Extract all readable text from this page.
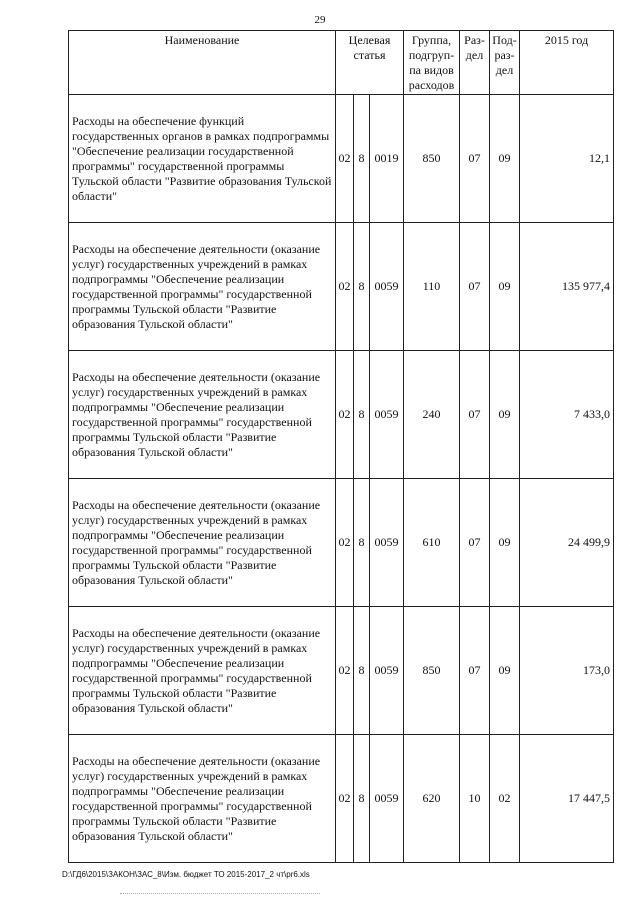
29
Наименование	Целевая статья			Группа, подгруп-па видов расходов	Раз-дел	Под-раз-дел	2015 год
Расходы на обеспечение функций государственных органов в рамках подпрограммы "Обеспечение реализации государственной программы" государственной программы Тульской области "Развитие образования Тульской области"	02	8	0019	850	07	09	12,1
Расходы на обеспечение деятельности (оказание услуг) государственных учреждений в рамках подпрограммы "Обеспечение реализации государственной программы" государственной программы Тульской области "Развитие образования Тульской области"	02	8	0059	110	07	09	135 977,4
Расходы на обеспечение деятельности (оказание услуг) государственных учреждений в рамках подпрограммы "Обеспечение реализации государственной программы" государственной программы Тульской области "Развитие образования Тульской области"	02	8	0059	240	07	09	7 433,0
Расходы на обеспечение деятельности (оказание услуг) государственных учреждений в рамках подпрограммы "Обеспечение реализации государственной программы" государственной программы Тульской области "Развитие образования Тульской области"	02	8	0059	610	07	09	24 499,9
Расходы на обеспечение деятельности (оказание услуг) государственных учреждений в рамках подпрограммы "Обеспечение реализации государственной программы" государственной программы Тульской области "Развитие образования Тульской области"	02	8	0059	850	07	09	173,0
Расходы на обеспечение деятельности (оказание услуг) государственных учреждений в рамках подпрограммы "Обеспечение реализации государственной программы" государственной программы Тульской области "Развитие образования Тульской области"	02	8	0059	620	10	02	17 447,5
D:\ГД6\2015\ЗАКОН\ЗАС_8\Изм. бюджет ТО 2015-2017_2 чт\pr6.xls
